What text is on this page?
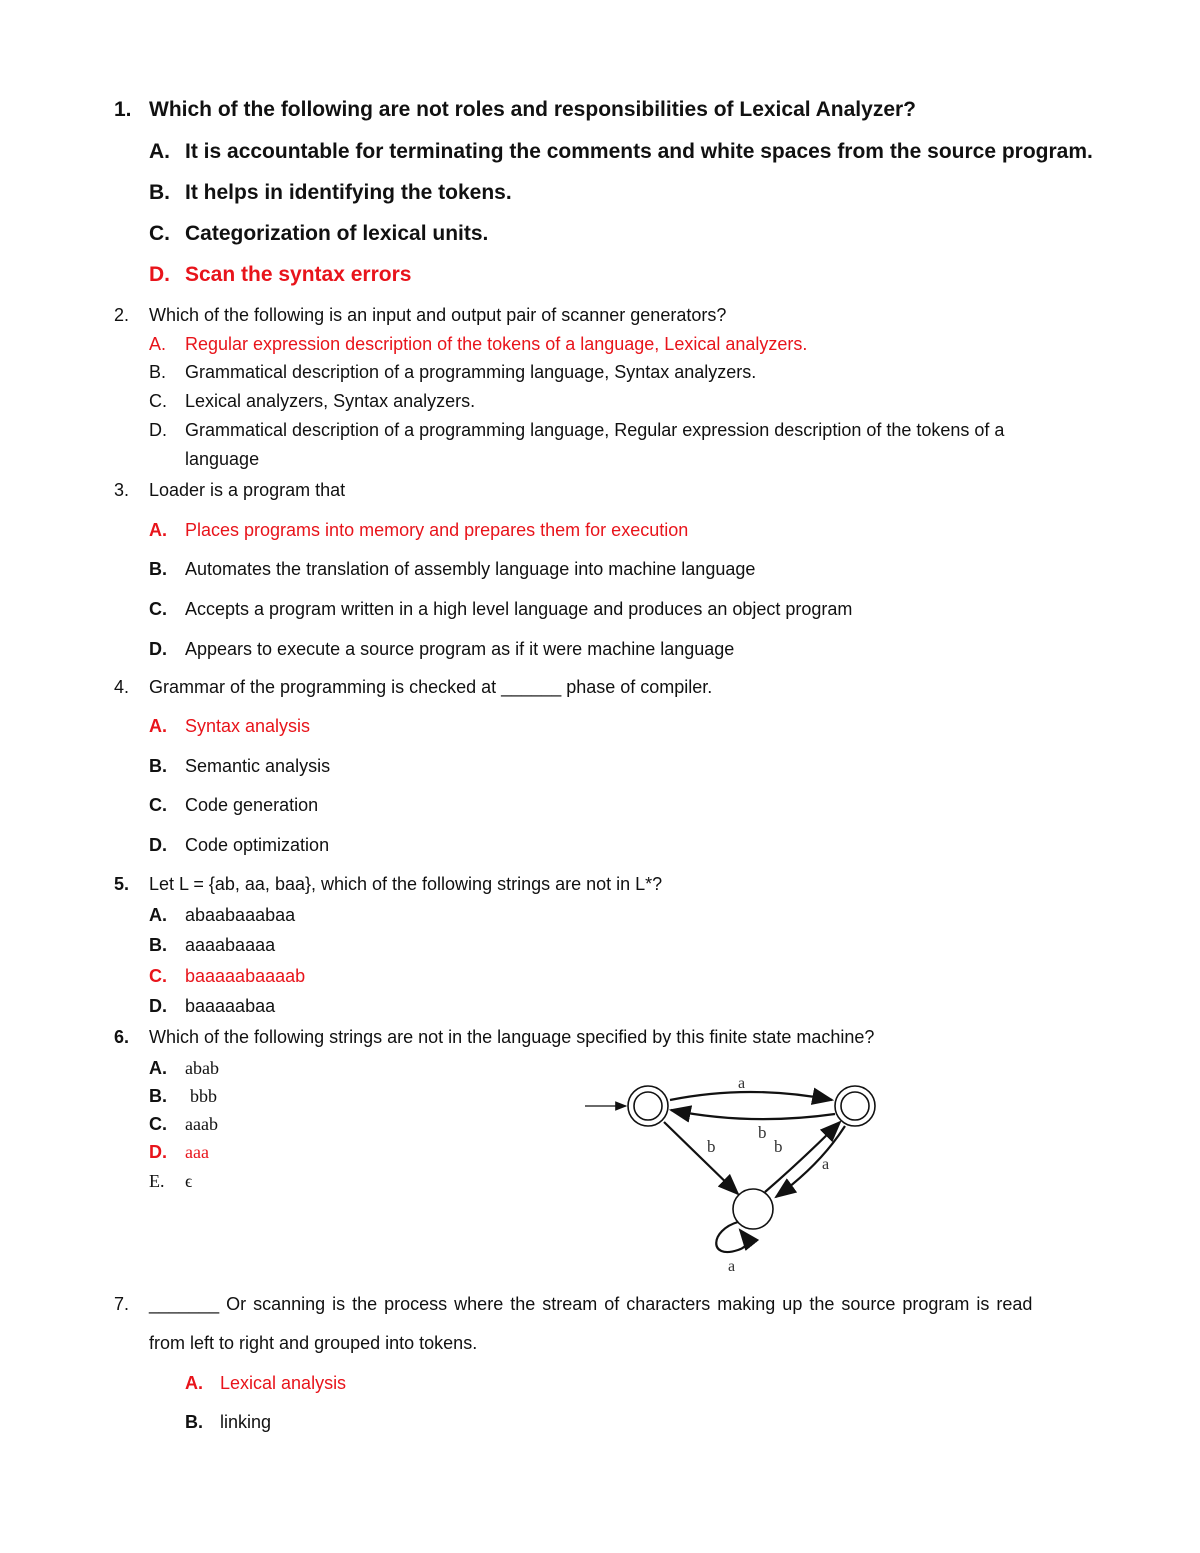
1. Which of the following are not roles and responsibilities of Lexical Analyzer?
A. It is accountable for terminating the comments and white spaces from the source program.
B. It helps in identifying the tokens.
C. Categorization of lexical units.
D. Scan the syntax errors
2. Which of the following is an input and output pair of scanner generators?
A. Regular expression description of the tokens of a language, Lexical analyzers.
B. Grammatical description of a programming language, Syntax analyzers.
C. Lexical analyzers, Syntax analyzers.
D. Grammatical description of a programming language, Regular expression description of the tokens of a
language
3. Loader is a program that
A. Places programs into memory and prepares them for execution
B. Automates the translation of assembly language into machine language
C. Accepts a program written in a high level language and produces an object program
D. Appears to execute a source program as if it were machine language
4. Grammar of the programming is checked at ______ phase of compiler.
A. Syntax analysis
B. Semantic analysis
C. Code generation
D. Code optimization
5. Let L = {ab, aa, baa}, which of the following strings are not in L*?
A. abaabaaabaa
B. aaaabaaaa
C. baaaaabaaaab
D. baaaaabaa
6. Which of the following strings are not in the language specified by this finite state machine?
A. abab
B. bbb
C. aaab
D. aaa
E. ϵ
a
b
b	b
a
a
7. _______ Or scanning is the process where the stream of characters making up the source program is read
from left to right and grouped into tokens.
A. Lexical analysis
B. linking
